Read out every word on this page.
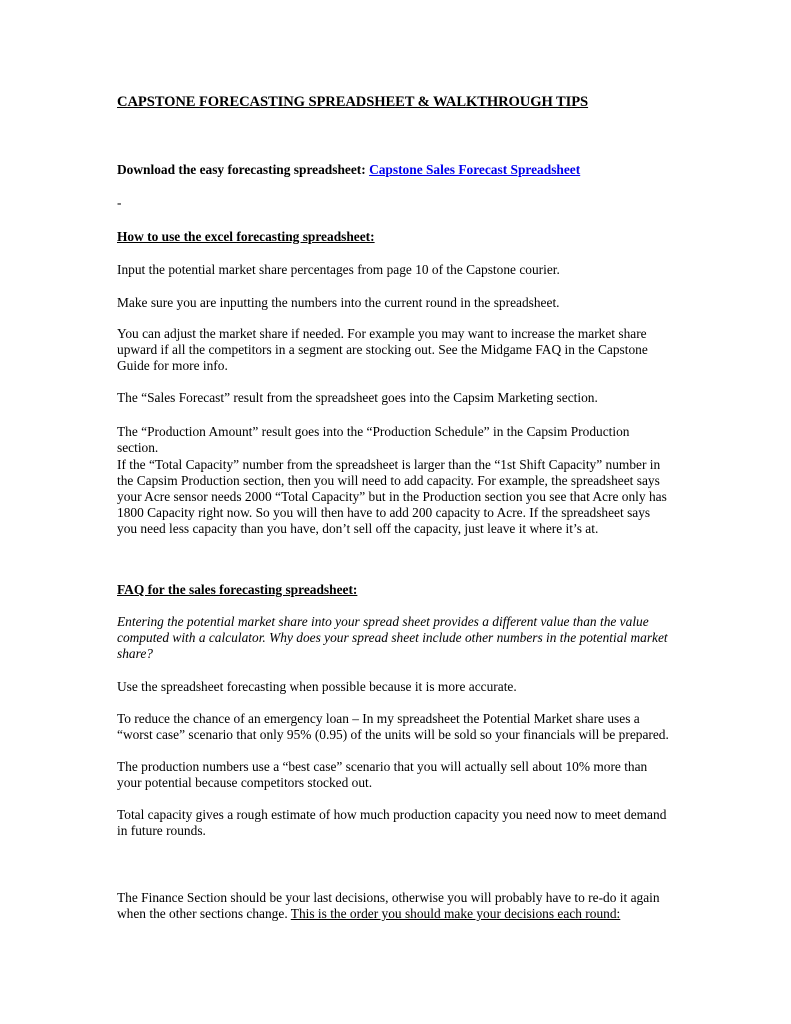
CAPSTONE FORECASTING SPREADSHEET & WALKTHROUGH TIPS
Download the easy forecasting spreadsheet: Capstone Sales Forecast Spreadsheet
-
How to use the excel forecasting spreadsheet:
Input the potential market share percentages from page 10 of the Capstone courier.
Make sure you are inputting the numbers into the current round in the spreadsheet.
You can adjust the market share if needed. For example you may want to increase the market share upward if all the competitors in a segment are stocking out. See the Midgame FAQ in the Capstone Guide for more info.
The “Sales Forecast” result from the spreadsheet goes into the Capsim Marketing section.
The “Production Amount” result goes into the “Production Schedule” in the Capsim Production section.
If the “Total Capacity” number from the spreadsheet is larger than the “1st Shift Capacity” number in the Capsim Production section, then you will need to add capacity. For example, the spreadsheet says your Acre sensor needs 2000 “Total Capacity” but in the Production section you see that Acre only has 1800 Capacity right now. So you will then have to add 200 capacity to Acre. If the spreadsheet says you need less capacity than you have, don’t sell off the capacity, just leave it where it’s at.
FAQ for the sales forecasting spreadsheet:
Entering the potential market share into your spread sheet provides a different value than the value computed with a calculator. Why does your spread sheet include other numbers in the potential market share?
Use the spreadsheet forecasting when possible because it is more accurate.
To reduce the chance of an emergency loan – In my spreadsheet the Potential Market share uses a “worst case” scenario that only 95% (0.95) of the units will be sold so your financials will be prepared.
The production numbers use a “best case” scenario that you will actually sell about 10% more than your potential because competitors stocked out.
Total capacity gives a rough estimate of how much production capacity you need now to meet demand in future rounds.
The Finance Section should be your last decisions, otherwise you will probably have to re-do it again when the other sections change. This is the order you should make your decisions each round:
